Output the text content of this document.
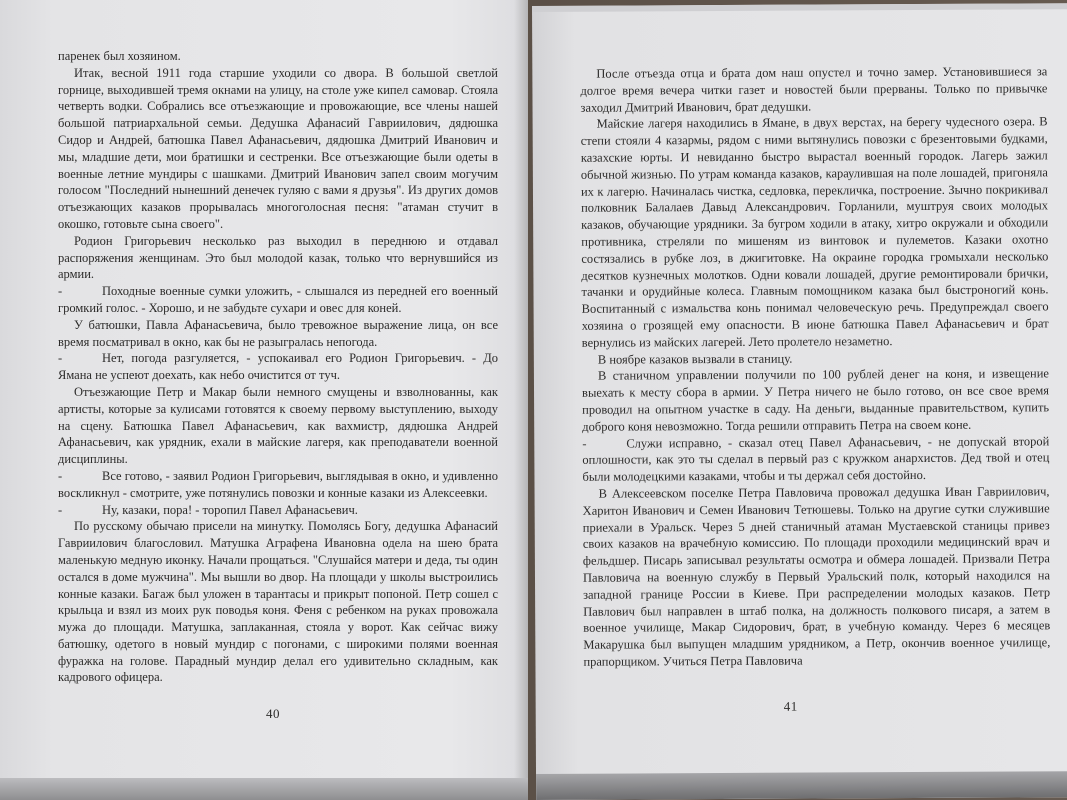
паренек был хозяином.

Итак, весной 1911 года старшие уходили со двора. В большой светлой горнице, выходившей тремя окнами на улицу, на столе уже кипел самовар. Стояла четверть водки. Собрались все отъезжающие и провожающие, все члены нашей большой патриархальной семьи. Дедушка Афанасий Гавриилович, дядюшка Сидор и Андрей, батюшка Павел Афанасьевич, дядюшка Дмитрий Иванович и мы, младшие дети, мои братишки и сестренки. Все отъезжающие были одеты в военные летние мундиры с шашками. Дмитрий Иванович запел своим могучим голосом "Последний нынешний денечек гуляю с вами я друзья". Из других домов отъезжающих казаков прорывалась многоголосная песня: "атаман стучит в окошко, готовьте сына своего".

Родион Григорьевич несколько раз выходил в переднюю и отдавал распоряжения женщинам. Это был молодой казак, только что вернувшийся из армии.

-	Походные военные сумки уложить, - слышался из передней его военный громкий голос. - Хорошо, и не забудьте сухари и овес для коней.

У батюшки, Павла Афанасьевича, было тревожное выражение лица, он все время посматривал в окно, как бы не разыгралась непогода.

-	Нет, погода разгуляется, - успокаивал его Родион Григорьевич. - До Ямана не успеют доехать, как небо очистится от туч.

Отъезжающие Петр и Макар были немного смущены и взволнованны, как артисты, которые за кулисами готовятся к своему первому выступлению, выходу на сцену. Батюшка Павел Афанасьевич, как вахмистр, дядюшка Андрей Афанасьевич, как урядник, ехали в майские лагеря, как преподаватели военной дисциплины.

-	Все готово, - заявил Родион Григорьевич, выглядывая в окно, и удивленно воскликнул - смотрите, уже потянулись повозки и конные казаки из Алексеевки.

-	Ну, казаки, пора! - торопил Павел Афанасьевич.

По русскому обычаю присели на минутку. Помолясь Богу, дедушка Афанасий Гавриилович благословил. Матушка Аграфена Ивановна одела на шею брата маленькую медную иконку. Начали прощаться. "Слушайся матери и деда, ты один остался в доме мужчина". Мы вышли во двор. На площади у школы выстроились конные казаки. Багаж был уложен в тарантасы и прикрыт попоной. Петр сошел с крыльца и взял из моих рук поводья коня. Феня с ребенком на руках провожала мужа до площади. Матушка, заплаканная, стояла у ворот. Как сейчас вижу батюшку, одетого в новый мундир с погонами, с широкими полями военная фуражка на голове. Парадный мундир делал его удивительно складным, как кадрового офицера.

40

После отъезда отца и брата дом наш опустел и точно замер. Установившиеся за долгое время вечера читки газет и новостей были прерваны. Только по привычке заходил Дмитрий Иванович, брат дедушки.

Майские лагеря находились в Ямане, в двух верстах, на берегу чудесного озера. В степи стояли 4 казармы, рядом с ними вытянулись повозки с брезентовыми будками, казахские юрты. И невиданно быстро вырастал военный городок. Лагерь зажил обычной жизнью. По утрам команда казаков, караулившая на поле лошадей, пригоняла их к лагерю. Начиналась чистка, седловка, перекличка, построение. Зычно покрикивал полковник Балалаев Давыд Александрович. Горланили, муштруя своих молодых казаков, обучающие урядники. За бугром ходили в атаку, хитро окружали и обходили противника, стреляли по мишеням из винтовок и пулеметов. Казаки охотно состязались в рубке лоз, в джигитовке. На окраине городка громыхали несколько десятков кузнечных молотков. Одни ковали лошадей, другие ремонтировали брички, тачанки и орудийные колеса. Главным помощником казака был быстроногий конь. Воспитанный с измальства конь понимал человеческую речь. Предупреждал своего хозяина о грозящей ему опасности. В июне батюшка Павел Афанасьевич и брат вернулись из майских лагерей. Лето пролетело незаметно.

В ноябре казаков вызвали в станицу.

В станичном управлении получили по 100 рублей денег на коня, и извещение выехать к месту сбора в армии. У Петра ничего не было готово, он все свое время проводил на опытном участке в саду. На деньги, выданные правительством, купить доброго коня невозможно. Тогда решили отправить Петра на своем коне.

-	Служи исправно, - сказал отец Павел Афанасьевич, - не допускай второй оплошности, как это ты сделал в первый раз с кружком анархистов. Дед твой и отец были молодецкими казаками, чтобы и ты держал себя достойно.

В Алексеевском поселке Петра Павловича провожал дедушка Иван Гавриилович, Харитон Иванович и Семен Иванович Тетюшевы. Только на другие сутки служившие приехали в Уральск. Через 5 дней станичный атаман Мустаевской станицы привез своих казаков на врачебную комиссию. По площади проходили медицинский врач и фельдшер. Писарь записывал результаты осмотра и обмера лошадей. Призвали Петра Павловича на военную службу в Первый Уральский полк, который находился на западной границе России в Киеве. При распределении молодых казаков. Петр Павлович был направлен в штаб полка, на должность полкового писаря, а затем в военное училище, Макар Сидорович, брат, в учебную команду. Через 6 месяцев Макарушка был выпущен младшим урядником, а Петр, окончив военное училище, прапорщиком. Учиться Петра Павловича

41
